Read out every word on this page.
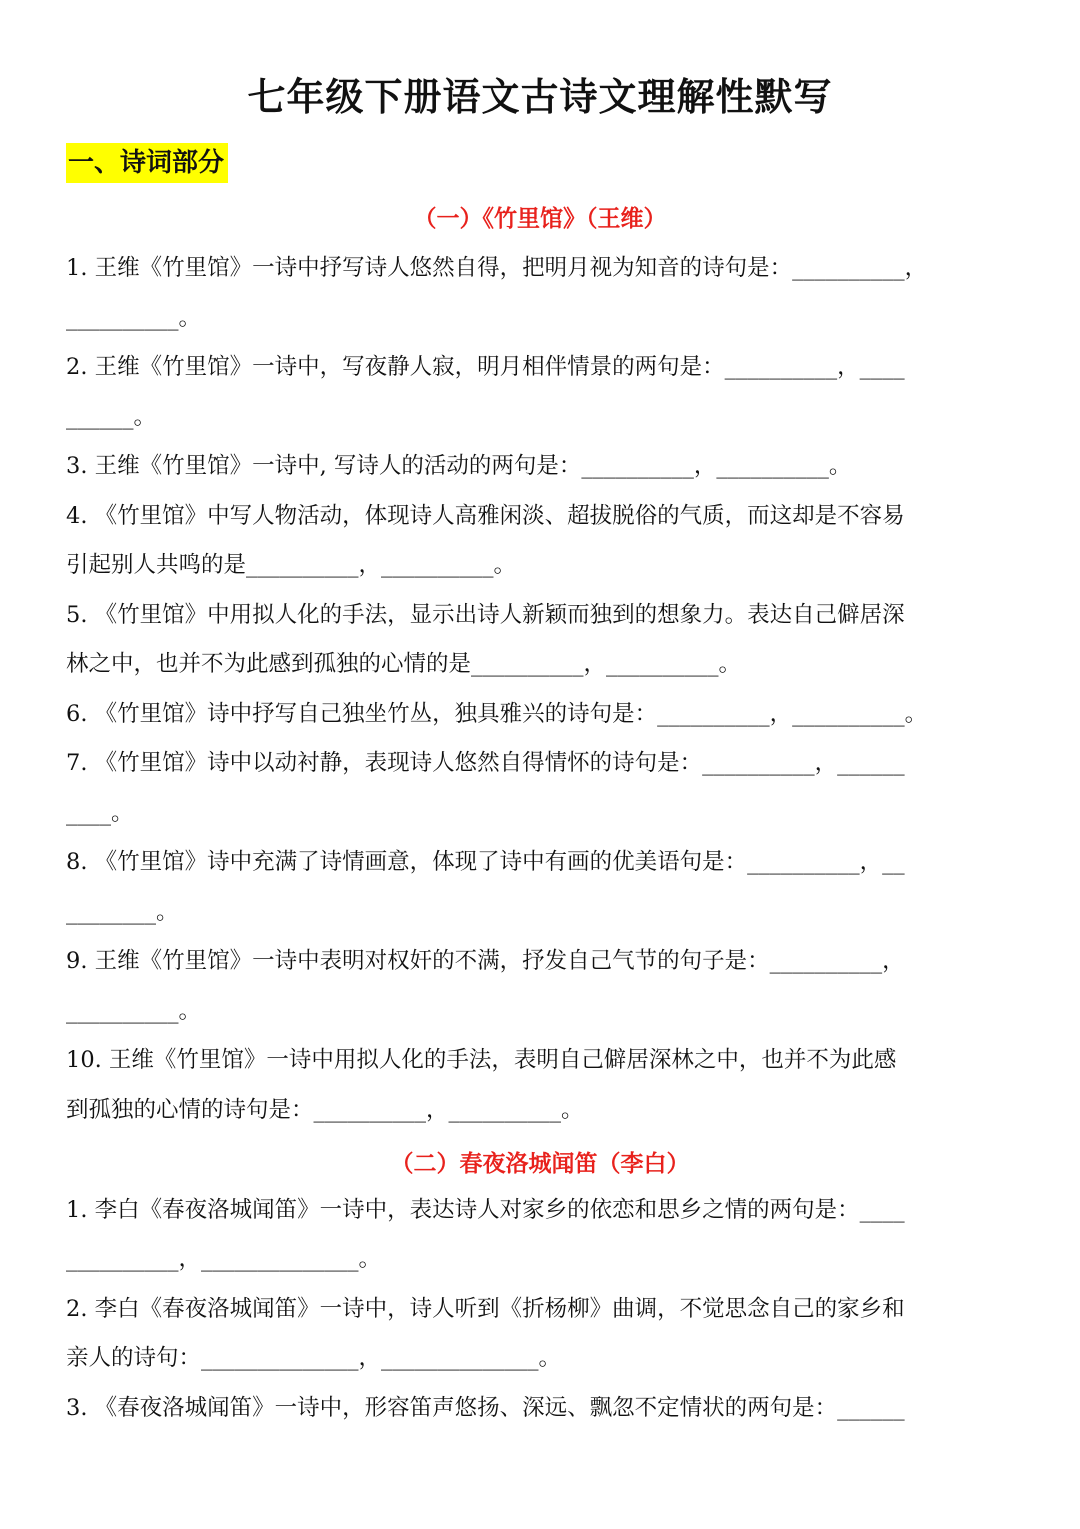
七年级下册语文古诗文理解性默写
一、诗词部分
（一）《竹里馆》（王维）
1. 王维《竹里馆》一诗中抒写诗人悠然自得，把明月视为知音的诗句是：__________，
__________。
2. 王维《竹里馆》一诗中，写夜静人寂，明月相伴情景的两句是：__________，____
______。
3. 王维《竹里馆》一诗中, 写诗人的活动的两句是：__________，__________。
4. 《竹里馆》中写人物活动，体现诗人高雅闲淡、超拔脱俗的气质，而这却是不容易
引起别人共鸣的是__________，__________。
5. 《竹里馆》中用拟人化的手法，显示出诗人新颖而独到的想象力。表达自己僻居深
林之中，也并不为此感到孤独的心情的是__________，__________。
6. 《竹里馆》诗中抒写自己独坐竹丛，独具雅兴的诗句是：__________，__________。
7. 《竹里馆》诗中以动衬静，表现诗人悠然自得情怀的诗句是：__________，______
____。
8. 《竹里馆》诗中充满了诗情画意，体现了诗中有画的优美语句是：__________，__
________。
9. 王维《竹里馆》一诗中表明对权奸的不满，抒发自己气节的句子是：__________，
__________。
10. 王维《竹里馆》一诗中用拟人化的手法，表明自己僻居深林之中，也并不为此感
到孤独的心情的诗句是：__________，__________。
（二）春夜洛城闻笛（李白）
1. 李白《春夜洛城闻笛》一诗中，表达诗人对家乡的依恋和思乡之情的两句是：____
__________，______________。
2. 李白《春夜洛城闻笛》一诗中，诗人听到《折杨柳》曲调，不觉思念自己的家乡和
亲人的诗句：______________，______________。
3. 《春夜洛城闻笛》一诗中，形容笛声悠扬、深远、飘忽不定情状的两句是：______
